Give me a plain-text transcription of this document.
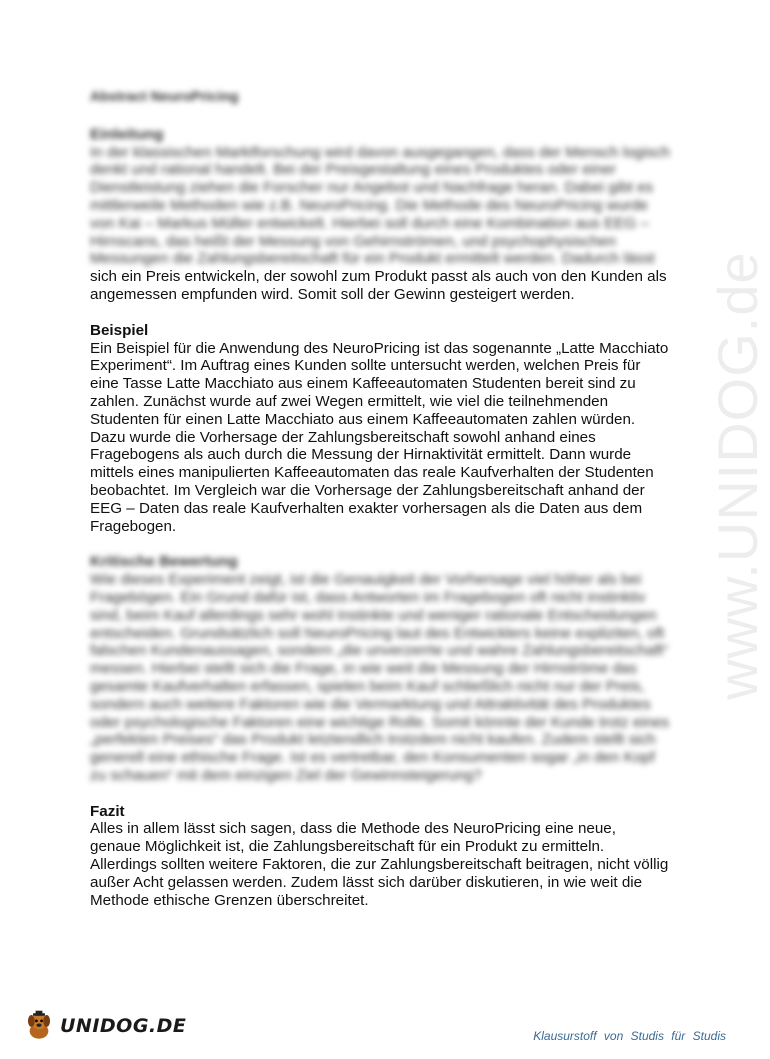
www.UNIDOG.de
Abstract NeuroPricing
Einleitung

In der klassischen Marktforschung wird davon ausgegangen, dass der Mensch logisch denkt und rational handelt. Bei der Preisgestaltung eines Produktes oder einer Dienstleistung ziehen die Forscher nur Angebot und Nachfrage heran. Dabei gibt es mittlerweile Methoden wie z.B. NeuroPricing. Die Methode des NeuroPricing wurde von Kai – Markus Müller entwickelt. Hierbei soll durch eine Kombination aus EEG – Hirnscans, das heißt der Messung von Gehirnströmen, und psychophysischen Messungen die Zahlungsbereitschaft für ein Produkt ermittelt werden. Dadurch lässt sich ein Preis entwickeln, der sowohl zum Produkt passt als auch von den Kunden als angemessen empfunden wird. Somit soll der Gewinn gesteigert werden.

Beispiel

Ein Beispiel für die Anwendung des NeuroPricing ist das sogenannte „Latte Macchiato Experiment“. Im Auftrag eines Kunden sollte untersucht werden, welchen Preis für eine Tasse Latte Macchiato aus einem Kaffeeautomaten Studenten bereit sind zu zahlen. Zunächst wurde auf zwei Wegen ermittelt, wie viel die teilnehmenden Studenten für einen Latte Macchiato aus einem Kaffeeautomaten zahlen würden. Dazu wurde die Vorhersage der Zahlungsbereitschaft sowohl anhand eines Fragebogens als auch durch die Messung der Hirnaktivität ermittelt. Dann wurde mittels eines manipulierten Kaffeeautomaten das reale Kaufverhalten der Studenten beobachtet. Im Vergleich war die Vorhersage der Zahlungsbereitschaft anhand der EEG – Daten das reale Kaufverhalten exakter vorhersagen als die Daten aus dem Fragebogen.

Kritische Bewertung

Wie dieses Experiment zeigt, ist die Genauigkeit der Vorhersage viel höher als bei Fragebögen. Ein Grund dafür ist, dass Antworten im Fragebogen oft nicht instinktiv sind, beim Kauf allerdings sehr wohl Instinkte und weniger rationale Entscheidungen entscheiden. Grundsätzlich soll NeuroPricing laut des Entwicklers keine expliziten, oft falschen Kundenaussagen, sondern „die unverzerrte und wahre Zahlungsbereitschaft“ messen. Hierbei stellt sich die Frage, in wie weit die Messung der Hirnströme das gesamte Kaufverhalten erfassen, spielen beim Kauf schließlich nicht nur der Preis, sondern auch weitere Faktoren wie die Vermarktung und Attraktivität des Produktes oder psychologische Faktoren eine wichtige Rolle. Somit könnte der Kunde trotz eines „perfekten Preises“ das Produkt letztendlich trotzdem nicht kaufen. Zudem stellt sich generell eine ethische Frage. Ist es vertretbar, den Konsumenten sogar „in den Kopf zu schauen“ mit dem einzigen Ziel der Gewinnsteigerung?

Fazit

Alles in allem lässt sich sagen, dass die Methode des NeuroPricing eine neue, genaue Möglichkeit ist, die Zahlungsbereitschaft für ein Produkt zu ermitteln. Allerdings sollten weitere Faktoren, die zur Zahlungsbereitschaft beitragen, nicht völlig außer Acht gelassen werden. Zudem lässt sich darüber diskutieren, in wie weit die Methode ethische Grenzen überschreitet.

UNIDOG.DE	Klausurstoff von Studis für Studis
